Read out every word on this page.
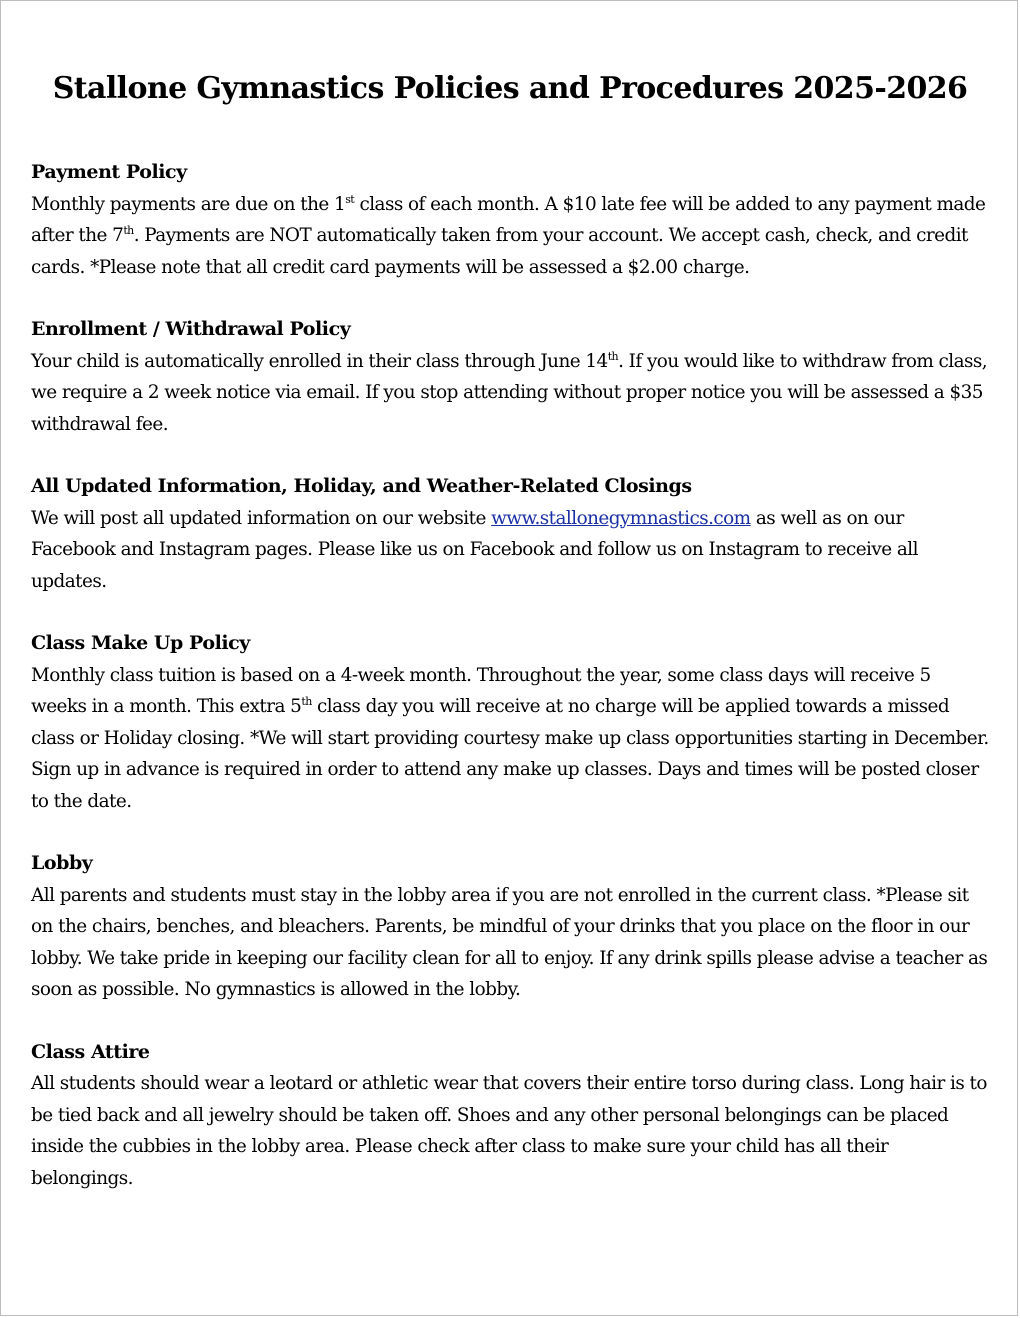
Stallone Gymnastics Policies and Procedures 2025-2026
Payment Policy

Monthly payments are due on the 1st class of each month. A $10 late fee will be added to any payment made after the 7th. Payments are NOT automatically taken from your account. We accept cash, check, and credit cards. *Please note that all credit card payments will be assessed a $2.00 charge.

Enrollment / Withdrawal Policy

Your child is automatically enrolled in their class through June 14th. If you would like to withdraw from class, we require a 2 week notice via email. If you stop attending without proper notice you will be assessed a $35 withdrawal fee.

All Updated Information, Holiday, and Weather-Related Closings

We will post all updated information on our website www.stallonegymnastics.com as well as on our Facebook and Instagram pages. Please like us on Facebook and follow us on Instagram to receive all updates.

Class Make Up Policy

Monthly class tuition is based on a 4-week month. Throughout the year, some class days will receive 5 weeks in a month. This extra 5th class day you will receive at no charge will be applied towards a missed class or Holiday closing. *We will start providing courtesy make up class opportunities starting in December. Sign up in advance is required in order to attend any make up classes. Days and times will be posted closer to the date.

Lobby

All parents and students must stay in the lobby area if you are not enrolled in the current class. *Please sit on the chairs, benches, and bleachers. Parents, be mindful of your drinks that you place on the floor in our lobby. We take pride in keeping our facility clean for all to enjoy. If any drink spills please advise a teacher as soon as possible. No gymnastics is allowed in the lobby.

Class Attire

All students should wear a leotard or athletic wear that covers their entire torso during class. Long hair is to be tied back and all jewelry should be taken off. Shoes and any other personal belongings can be placed inside the cubbies in the lobby area. Please check after class to make sure your child has all their belongings.
